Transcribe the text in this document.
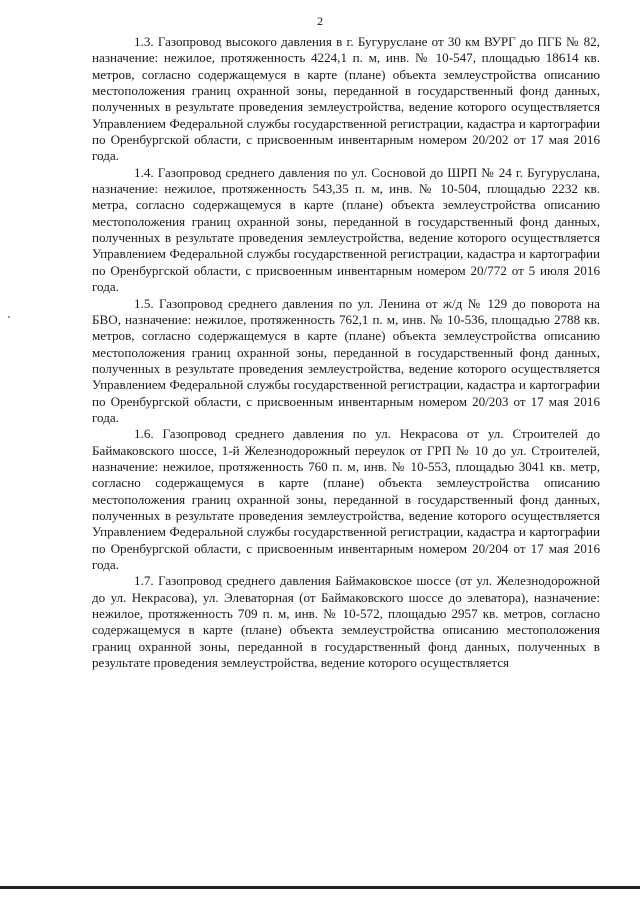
2

1.3. Газопровод высокого давления в г. Бугуруслане от 30 км ВУРГ до ПГБ № 82, назначение: нежилое, протяженность 4224,1 п. м, инв. № 10-547, площадью 18614 кв. метров, согласно содержащемуся в карте (плане) объекта землеустройства описанию местоположения границ охранной зоны, переданной в государственный фонд данных, полученных в результате проведения землеустройства, ведение которого осуществляется Управлением Федеральной службы государственной регистрации, кадастра и картографии по Оренбургской области, с присвоенным инвентарным номером 20/202 от 17 мая 2016 года.

1.4. Газопровод среднего давления по ул. Сосновой до ШРП № 24 г. Бугуруслана, назначение: нежилое, протяженность 543,35 п. м, инв. № 10-504, площадью 2232 кв. метра, согласно содержащемуся в карте (плане) объекта землеустройства описанию местоположения границ охранной зоны, переданной в государственный фонд данных, полученных в результате проведения землеустройства, ведение которого осуществляется Управлением Федеральной службы государственной регистрации, кадастра и картографии по Оренбургской области, с присвоенным инвентарным номером 20/772 от 5 июля 2016 года.

1.5. Газопровод среднего давления по ул. Ленина от ж/д № 129 до поворота на БВО, назначение: нежилое, протяженность 762,1 п. м, инв. № 10-536, площадью 2788 кв. метров, согласно содержащемуся в карте (плане) объекта землеустройства описанию местоположения границ охранной зоны, переданной в государственный фонд данных, полученных в результате проведения землеустройства, ведение которого осуществляется Управлением Федеральной службы государственной регистрации, кадастра и картографии по Оренбургской области, с присвоенным инвентарным номером 20/203 от 17 мая 2016 года.

1.6. Газопровод среднего давления по ул. Некрасова от ул. Строителей до Баймаковского шоссе, 1-й Железнодорожный переулок от ГРП № 10 до ул. Строителей, назначение: нежилое, протяженность 760 п. м, инв. № 10-553, площадью 3041 кв. метр, согласно содержащемуся в карте (плане) объекта землеустройства описанию местоположения границ охранной зоны, переданной в государственный фонд данных, полученных в результате проведения землеустройства, ведение которого осуществляется Управлением Федеральной службы государственной регистрации, кадастра и картографии по Оренбургской области, с присвоенным инвентарным номером 20/204 от 17 мая 2016 года.

1.7. Газопровод среднего давления Баймаковское шоссе (от ул. Железнодорожной до ул. Некрасова), ул. Элеваторная (от Баймаковского шоссе до элеватора), назначение: нежилое, протяженность 709 п. м, инв. № 10-572, площадью 2957 кв. метров, согласно содержащемуся в карте (плане) объекта землеустройства описанию местоположения границ охранной зоны, переданной в государственный фонд данных, полученных в результате проведения землеустройства, ведение которого осуществляется
